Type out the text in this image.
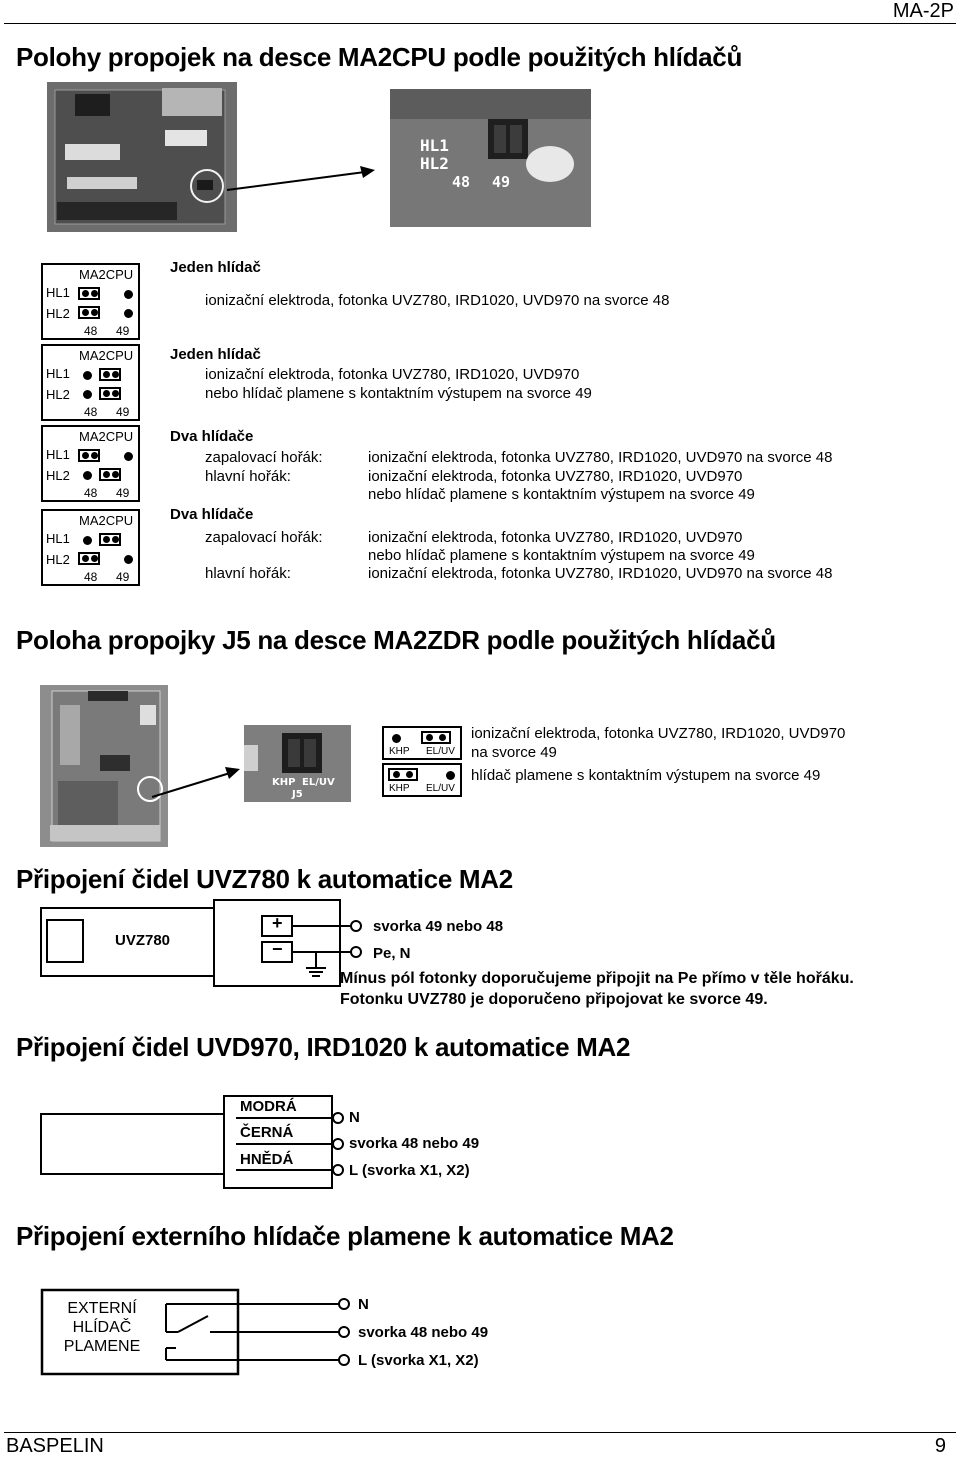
MA-2P
Polohy propojek na desce MA2CPU podle použitých hlídačů
HL1
HL2
48 49
MA2CPU
HL1
HL2
48 49
Jeden hlídač
ionizační elektroda, fotonka UVZ780, IRD1020, UVD970 na svorce 48
MA2CPU
HL1
HL2
48 49
Jeden hlídač
ionizační elektroda, fotonka UVZ780, IRD1020, UVD970
nebo hlídač plamene s kontaktním výstupem na svorce 49
MA2CPU
HL1
HL2
48 49
Dva hlídače
zapalovací hořák:	ionizační elektroda, fotonka UVZ780, IRD1020, UVD970 na svorce 48
hlavní hořák:	ionizační elektroda, fotonka UVZ780, IRD1020, UVD970
nebo hlídač plamene s kontaktním výstupem na svorce 49
MA2CPU
HL1
HL2
48 49
Dva hlídače
zapalovací hořák:	ionizační elektroda, fotonka UVZ780, IRD1020, UVD970
nebo hlídač plamene s kontaktním výstupem na svorce 49
hlavní hořák:	ionizační elektroda, fotonka UVZ780, IRD1020, UVD970 na svorce 48
Poloha propojky J5 na desce MA2ZDR podle použitých hlídačů
KHP EL/UV
J5
KHP EL/UV
KHP EL/UV
ionizační elektroda, fotonka UVZ780, IRD1020, UVD970
na svorce 49
hlídač plamene s kontaktním výstupem na svorce 49
Připojení čidel UVZ780 k automatice MA2
UVZ780
+
−
svorka 49 nebo 48
Pe, N
Mínus pól fotonky doporučujeme připojit na Pe přímo v těle hořáku.
Fotonku UVZ780 je doporučeno připojovat ke svorce 49.
Připojení čidel UVD970, IRD1020 k automatice MA2
MODRÁ
ČERNÁ
HNĚDÁ
N
svorka 48 nebo 49
L (svorka X1, X2)
Připojení externího hlídače plamene k automatice MA2
EXTERNÍ
HLÍDAČ
PLAMENE
N
svorka 48 nebo 49
L (svorka X1, X2)
BASPELIN	9
